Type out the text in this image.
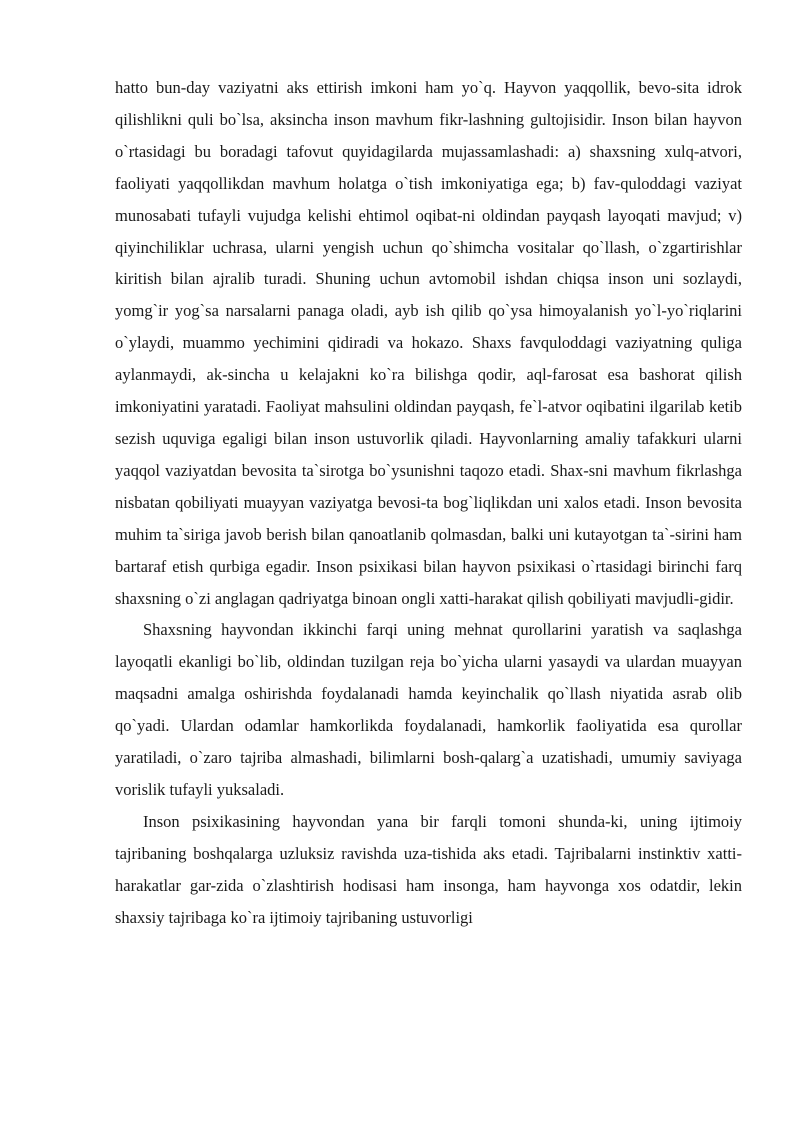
hatto bun-day vaziyatni aks ettirish imkoni ham yo`q. Hayvon yaqqollik, bevo-sita idrok qilishlikni quli bo`lsa, aksincha inson mavhum fikr-lashning gultojisidir. Inson bilan hayvon o`rtasidagi bu boradagi tafovut quyidagilarda mujassamlashadi: a) shaxsning xulq-atvori, faoliyati yaqqollikdan mavhum holatga o`tish imkoniyatiga ega; b) fav-quloddagi vaziyat munosabati tufayli vujudga kelishi ehtimol oqibat-ni oldindan payqash layoqati mavjud; v) qiyinchiliklar uchrasa, ularni yengish uchun qo`shimcha vositalar qo`llash, o`zgartirishlar kiritish bilan ajralib turadi. Shuning uchun avtomobil ishdan chiqsa inson uni sozlaydi, yomg`ir yog`sa narsalarni panaga oladi, ayb ish qilib qo`ysa himoyalanish yo`l-yo`riqlarini o`ylaydi, muammo yechimini qidiradi va hokazo. Shaxs favquloddagi vaziyatning quliga aylanmaydi, ak-sincha u kelajakni ko`ra bilishga qodir, aql-farosat esa bashorat qilish imkoniyatini yaratadi. Faoliyat mahsulini oldindan payqash, fe`l-atvor oqibatini ilgarilab ketib sezish uquviga egaligi bilan inson ustuvorlik qiladi. Hayvonlarning amaliy tafakkuri ularni yaqqol vaziyatdan bevosita ta`sirotga bo`ysunishni taqozo etadi. Shax-sni mavhum fikrlashga nisbatan qobiliyati muayyan vaziyatga bevosi-ta bog`liqlikdan uni xalos etadi. Inson bevosita muhim ta`siriga javob berish bilan qanoatlanib qolmasdan, balki uni kutayotgan ta`-sirini ham bartaraf etish qurbiga egadir. Inson psixikasi bilan hayvon psixikasi o`rtasidagi birinchi farq shaxsning o`zi anglagan qadriyatga binoan ongli xatti-harakat qilish qobiliyati mavjudli-gidir.

Shaxsning hayvondan ikkinchi farqi uning mehnat qurollarini yaratish va saqlashga layoqatli ekanligi bo`lib, oldindan tuzilgan reja bo`yicha ularni yasaydi va ulardan muayyan maqsadni amalga oshirishda foydalanadi hamda keyinchalik qo`llash niyatida asrab olib qo`yadi. Ulardan odamlar hamkorlikda foydalanadi, hamkorlik faoliyatida esa qurollar yaratiladi, o`zaro tajriba almashadi, bilimlarni bosh-qalarg`a uzatishadi, umumiy saviyaga vorislik tufayli yuksaladi.

Inson psixikasining hayvondan yana bir farqli tomoni shunda-ki, uning ijtimoiy tajribaning boshqalarga uzluksiz ravishda uza-tishida aks etadi. Tajribalarni instinktiv xatti-harakatlar gar-zida o`zlashtirish hodisasi ham insonga, ham hayvonga xos odatdir, lekin shaxsiy tajribaga ko`ra ijtimoiy tajribaning ustuvorligi
